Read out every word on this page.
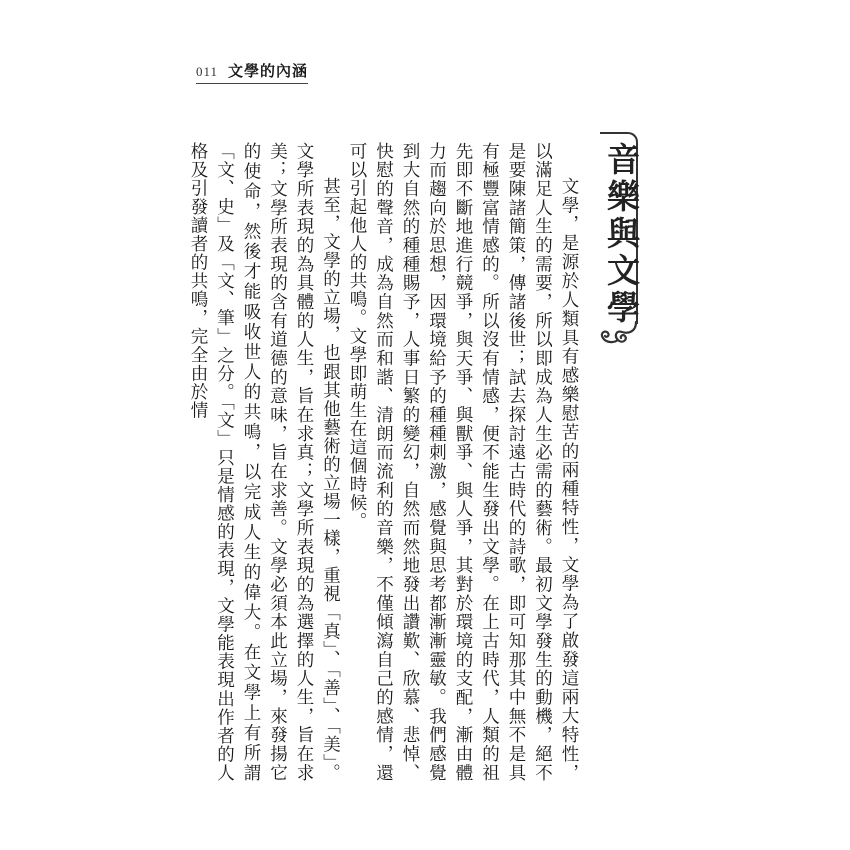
011 文學的內涵
音樂與文學

文學，是源於人類具有感樂慰苦的兩種特性，文學為了啟發這兩大特性，以滿足人生的需要，所以即成為人生必需的藝術。最初文學發生的動機，絕不是要陳諸簡策，傳諸後世；試去探討遠古時代的詩歌，即可知那其中無不是具有極豐富情感的。所以沒有情感，便不能生發出文學。在上古時代，人類的祖先即不斷地進行競爭，與天爭、與獸爭、與人爭，其對於環境的支配，漸由體力而趨向於思想，因環境給予的種種刺激，感覺與思考都漸漸靈敏。我們感覺到大自然的種種賜予，人事日繁的變幻，自然而然地發出讚歎、欣慕、悲悼、快慰的聲音，成為自然而和諧、清朗而流利的音樂，不僅傾瀉自己的感情，還可以引起他人的共鳴。文學即萌生在這個時候。

甚至，文學的立場，也跟其他藝術的立場一樣，重視「真」、「善」、「美」。文學所表現的為具體的人生，旨在求真；文學所表現的為選擇的人生，旨在求美；文學所表現的含有道德的意味，旨在求善。文學必須本此立場，來發揚它的使命，然後才能吸收世人的共鳴，以完成人生的偉大。在文學上有所謂「文、史」及「文、筆」之分。「文」只是情感的表現，文學能表現出作者的人格及引發讀者的共鳴，完全由於情
